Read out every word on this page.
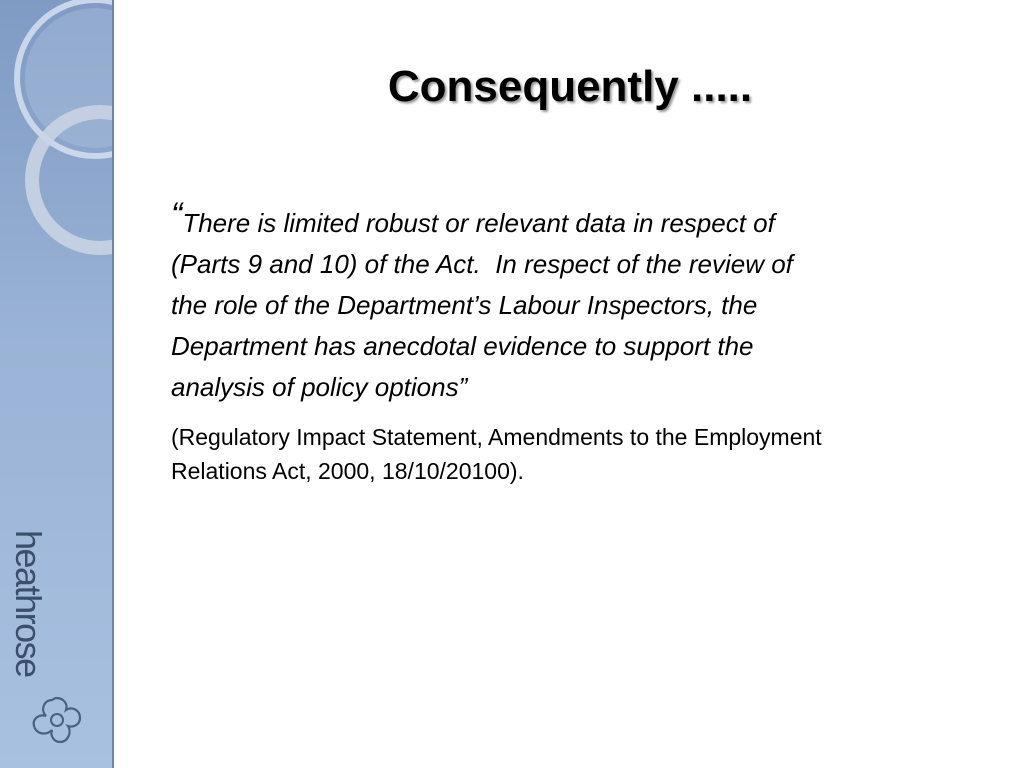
heathrose
Consequently .....
“There is limited robust or relevant data in respect of
(Parts 9 and 10) of the Act.  In respect of the review of
the role of the Department’s Labour Inspectors, the
Department has anecdotal evidence to support the
analysis of policy options”
(Regulatory Impact Statement, Amendments to the Employment
Relations Act, 2000, 18/10/20100).
